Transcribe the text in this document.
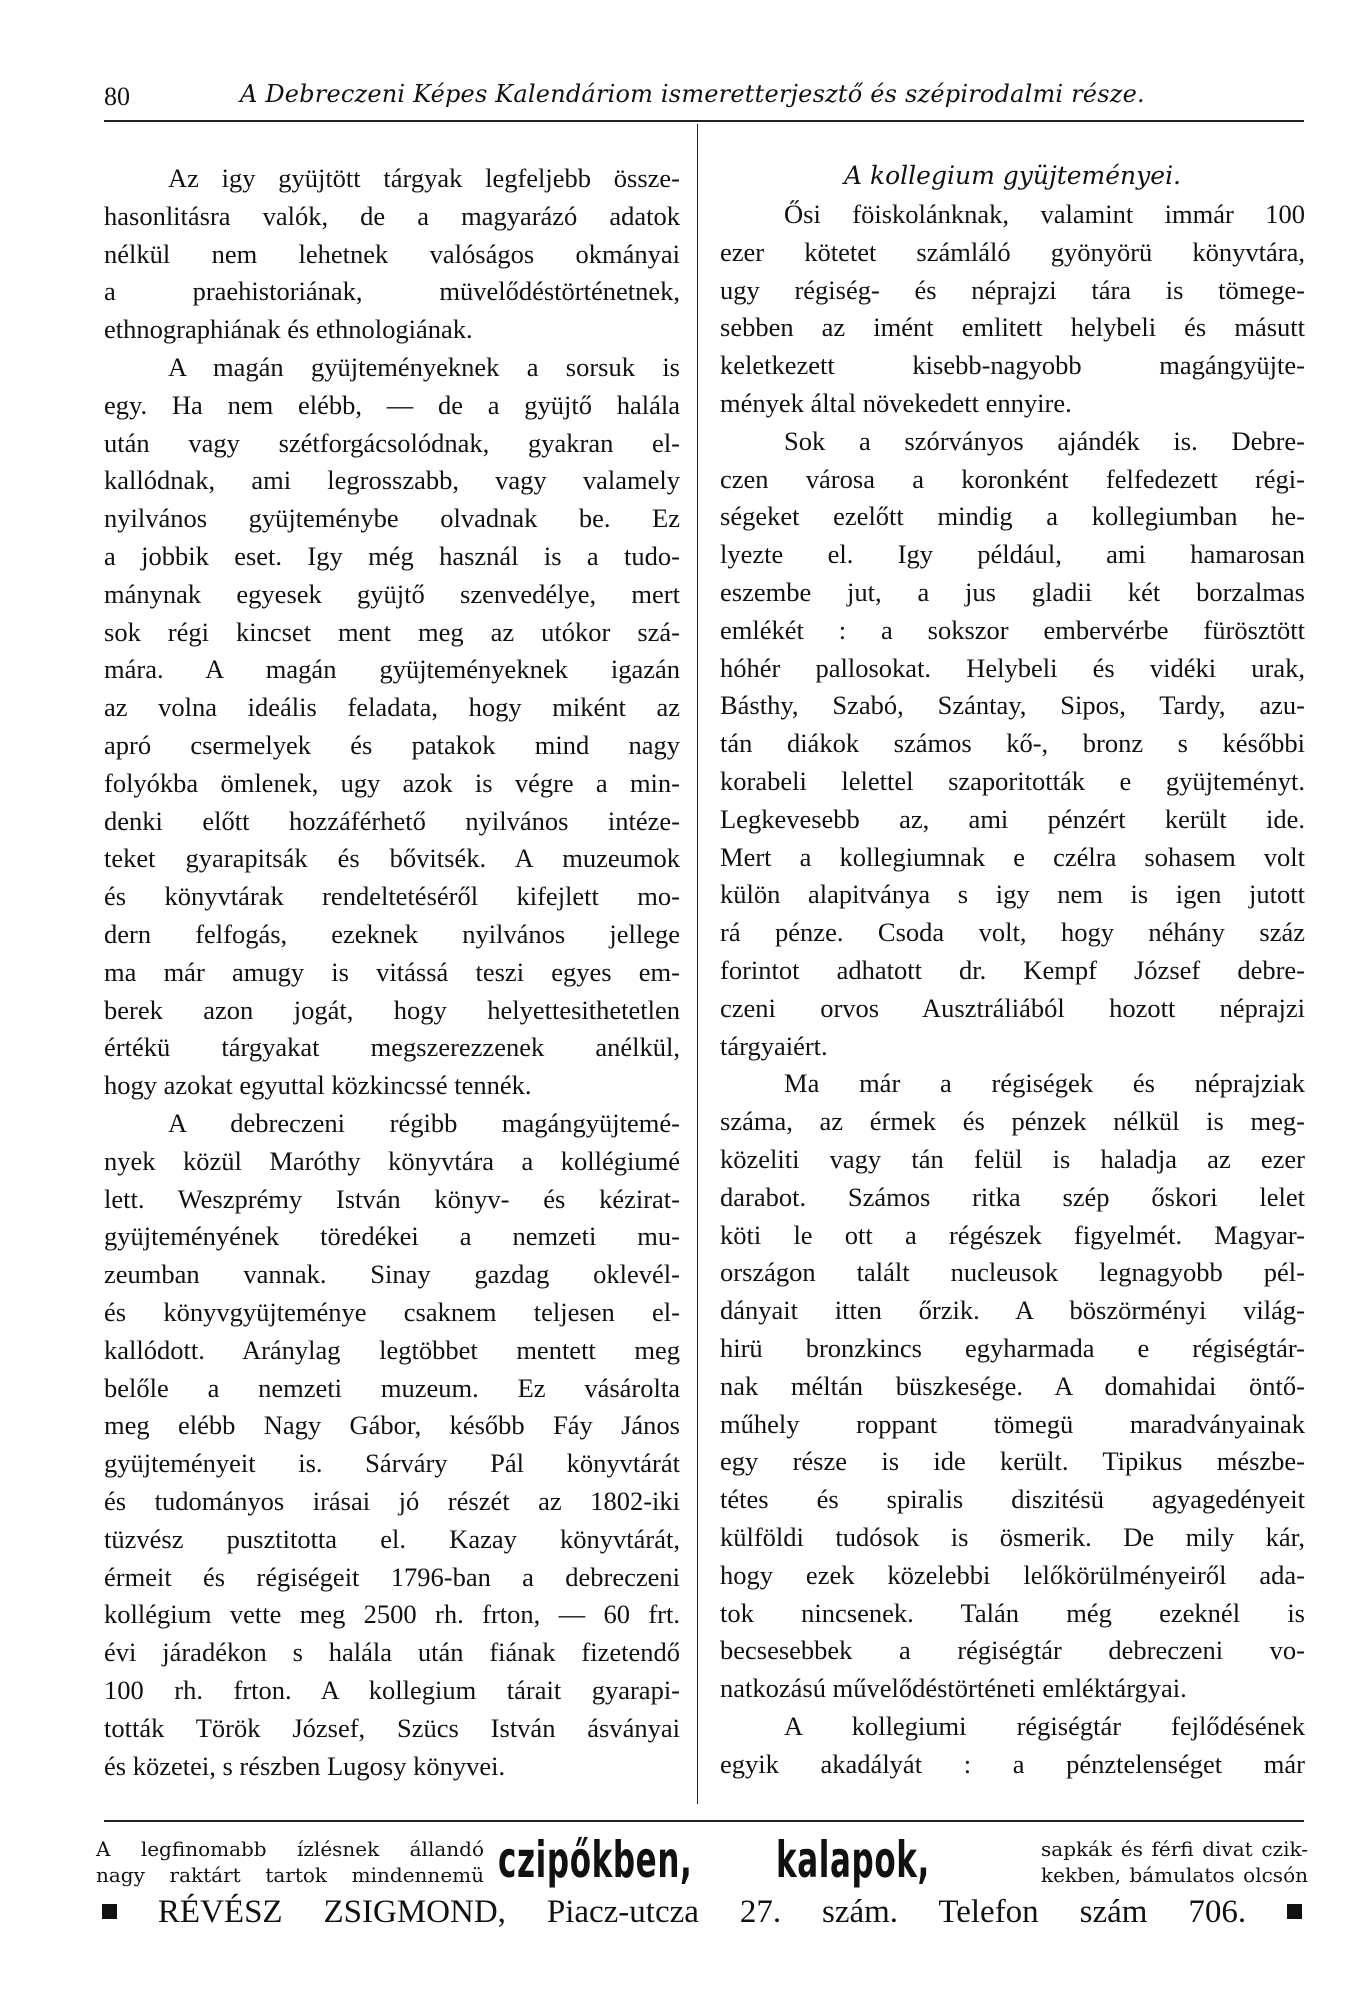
80	A Debreczeni Képes Kalendáriom ismeretterjesztő és szépirodalmi része.
Az igy gyüjtött tárgyak legfeljebb össze-
hasonlitásra valók, de a magyarázó adatok
nélkül nem lehetnek valóságos okmányai
a praehistoriának, müvelődéstörténetnek,
ethnographiának és ethnologiának.
A magán gyüjteményeknek a sorsuk is
egy. Ha nem elébb, — de a gyüjtő halála
után vagy szétforgácsolódnak, gyakran el-
kallódnak, ami legrosszabb, vagy valamely
nyilvános gyüjteménybe olvadnak be. Ez
a jobbik eset. Igy még használ is a tudo-
mánynak egyesek gyüjtő szenvedélye, mert
sok régi kincset ment meg az utókor szá-
mára. A magán gyüjteményeknek igazán
az volna ideális feladata, hogy miként az
apró csermelyek és patakok mind nagy
folyókba ömlenek, ugy azok is végre a min-
denki előtt hozzáférhető nyilvános intéze-
teket gyarapitsák és bővitsék. A muzeumok
és könyvtárak rendeltetéséről kifejlett mo-
dern felfogás, ezeknek nyilvános jellege
ma már amugy is vitássá teszi egyes em-
berek azon jogát, hogy helyettesithetetlen
értékü tárgyakat megszerezzenek anélkül,
hogy azokat egyuttal közkincssé tennék.
A debreczeni régibb magángyüjtemé-
nyek közül Maróthy könyvtára a kollégiumé
lett. Weszprémy István könyv- és kézirat-
gyüjteményének töredékei a nemzeti mu-
zeumban vannak. Sinay gazdag oklevél-
és könyvgyüjteménye csaknem teljesen el-
kallódott. Aránylag legtöbbet mentett meg
belőle a nemzeti muzeum. Ez vásárolta
meg elébb Nagy Gábor, később Fáy János
gyüjteményeit is. Sárváry Pál könyvtárát
és tudományos irásai jó részét az 1802-iki
tüzvész pusztitotta el. Kazay könyvtárát,
érmeit és régiségeit 1796-ban a debreczeni
kollégium vette meg 2500 rh. frton, — 60 frt.
évi járadékon s halála után fiának fizetendő
100 rh. frton. A kollegium tárait gyarapi-
tották Török József, Szücs István ásványai
és közetei, s részben Lugosy könyvei.
A kollegium gyüjteményei.
Ősi föiskolánknak, valamint immár 100
ezer kötetet számláló gyönyörü könyvtára,
ugy régiség- és néprajzi tára is tömege-
sebben az imént emlitett helybeli és másutt
keletkezett kisebb-nagyobb magángyüjte-
mények által növekedett ennyire.
Sok a szórványos ajándék is. Debre-
czen városa a koronként felfedezett régi-
ségeket ezelőtt mindig a kollegiumban he-
lyezte el. Igy például, ami hamarosan
eszembe jut, a jus gladii két borzalmas
emlékét : a sokszor embervérbe fürösztött
hóhér pallosokat. Helybeli és vidéki urak,
Básthy, Szabó, Szántay, Sipos, Tardy, azu-
tán diákok számos kő-, bronz s későbbi
korabeli lelettel szaporitották e gyüjteményt.
Legkevesebb az, ami pénzért került ide.
Mert a kollegiumnak e czélra sohasem volt
külön alapitványa s igy nem is igen jutott
rá pénze. Csoda volt, hogy néhány száz
forintot adhatott dr. Kempf József debre-
czeni orvos Ausztráliából hozott néprajzi
tárgyaiért.
Ma már a régiségek és néprajziak
száma, az érmek és pénzek nélkül is meg-
közeliti vagy tán felül is haladja az ezer
darabot. Számos ritka szép őskori lelet
köti le ott a régészek figyelmét. Magyar-
országon talált nucleusok legnagyobb pél-
dányait itten őrzik. A böszörményi világ-
hirü bronzkincs egyharmada e régiségtár-
nak méltán büszkesége. A domahidai öntő-
műhely roppant tömegü maradványainak
egy része is ide került. Tipikus mészbe-
tétes és spiralis diszitésü agyagedényeit
külföldi tudósok is ösmerik. De mily kár,
hogy ezek közelebbi lelőkörülményeiről ada-
tok nincsenek. Talán még ezeknél is
becsesebbek a régiségtár debreczeni vo-
natkozású művelődéstörténeti emléktárgyai.
A kollegiumi régiségtár fejlődésének
egyik akadályát : a pénztelenséget már
A legfinomabb ízlésnek állandó
nagy raktárt tartok mindennemü czipőkben, kalapok,	sapkák és férfi divat czik-
kekben, bámulatos olcsón
RÉVÉSZ ZSIGMOND, Piacz-utcza 27. szám. Telefon szám 706.
